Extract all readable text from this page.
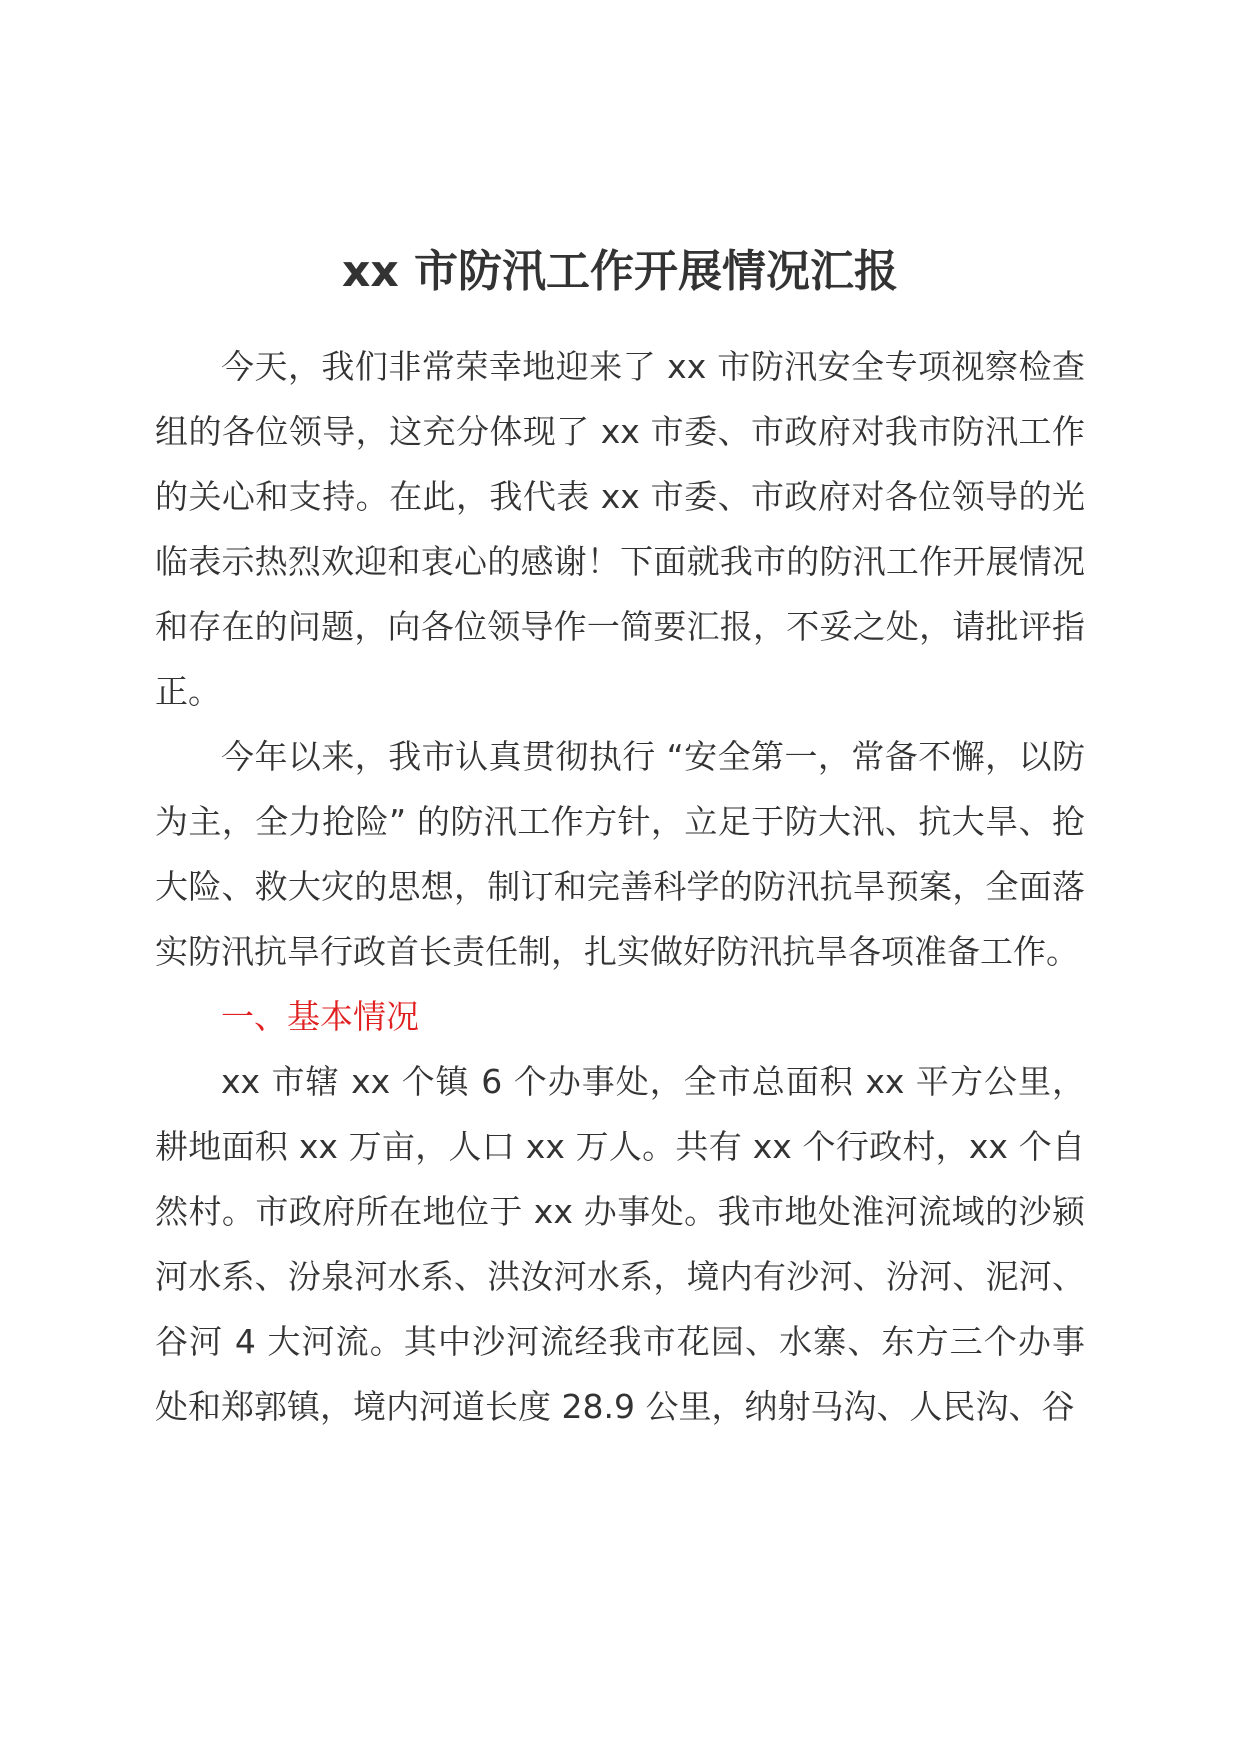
xx 市防汛工作开展情况汇报

今天，我们非常荣幸地迎来了 xx 市防汛安全专项视察检查组的各位领导，这充分体现了 xx 市委、市政府对我市防汛工作的关心和支持。在此，我代表 xx 市委、市政府对各位领导的光临表示热烈欢迎和衷心的感谢！下面就我市的防汛工作开展情况和存在的问题，向各位领导作一简要汇报，不妥之处，请批评指正。

今年以来，我市认真贯彻执行 “安全第一，常备不懈，以防为主，全力抢险” 的防汛工作方针，立足于防大汛、抗大旱、抢大险、救大灾的思想，制订和完善科学的防汛抗旱预案，全面落实防汛抗旱行政首长责任制，扎实做好防汛抗旱各项准备工作。

一、基本情况

xx 市辖 xx 个镇 6 个办事处，全市总面积 xx 平方公里，耕地面积 xx 万亩，人口 xx 万人。共有 xx 个行政村，xx 个自然村。市政府所在地位于 xx 办事处。我市地处淮河流域的沙颍河水系、汾泉河水系、洪汝河水系，境内有沙河、汾河、泥河、谷河 4 大河流。其中沙河流经我市花园、水寨、东方三个办事处和郑郭镇，境内河道长度 28.9 公里，纳射马沟、人民沟、谷
